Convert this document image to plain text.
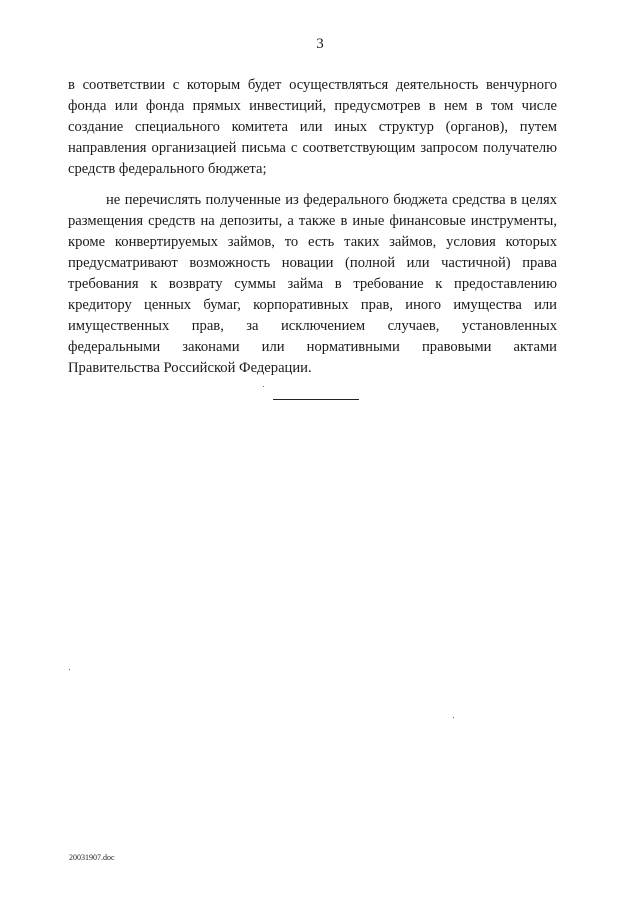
3

в соответствии с которым будет осуществляться деятельность венчурного фонда или фонда прямых инвестиций, предусмотрев в нем в том числе создание специального комитета или иных структур (органов), путем направления организацией письма с соответствующим запросом получателю средств федерального бюджета;

не перечислять полученные из федерального бюджета средства в целях размещения средств на депозиты, а также в иные финансовые инструменты, кроме конвертируемых займов, то есть таких займов, условия которых предусматривают возможность новации (полной или частичной) права требования к возврату суммы займа в требование к предоставлению кредитору ценных бумаг, корпоративных прав, иного имущества или имущественных прав, за исключением случаев, установленных федеральными законами или нормативными правовыми актами Правительства Российской Федерации.

20031907.doc
